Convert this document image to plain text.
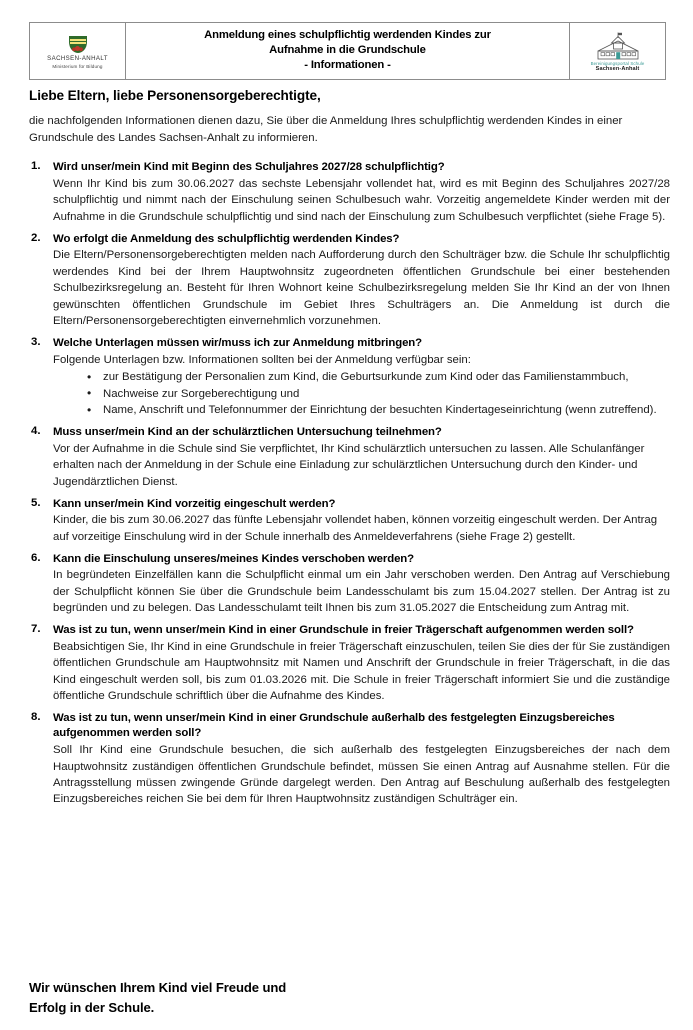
SACHSEN-ANHALT
Ministerium für Bildung

Anmeldung eines schulpflichtig werdenden Kindes zur
Aufnahme in die Grundschule
- Informationen -	Bereinigungsportal Schule
Sachsen-Anhalt

Liebe Eltern, liebe Personensorgeberechtigte,

die nachfolgenden Informationen dienen dazu, Sie über die Anmeldung Ihres schulpflichtig werdenden Kindes in einer Grundschule des Landes Sachsen-Anhalt zu informieren.

1.	Wird unser/mein Kind mit Beginn des Schuljahres 2027/28 schulpflichtig?

Wenn Ihr Kind bis zum 30.06.2027 das sechste Lebensjahr vollendet hat, wird es mit Beginn des Schuljahres 2027/28 schulpflichtig und nimmt nach der Einschulung seinen Schulbesuch wahr. Vorzeitig angemeldete Kinder werden mit der Aufnahme in die Grundschule schulpflichtig und sind nach der Einschulung zum Schulbesuch verpflichtet (siehe Frage 5).

2.	Wo erfolgt die Anmeldung des schulpflichtig werdenden Kindes?

Die Eltern/Personensorgeberechtigten melden nach Aufforderung durch den Schulträger bzw. die Schule Ihr schulpflichtig werdendes Kind bei der Ihrem Hauptwohnsitz zugeordneten öffentlichen Grundschule bei einer bestehenden Schulbezirksregelung an. Besteht für Ihren Wohnort keine Schulbezirksregelung melden Sie Ihr Kind an der von Ihnen gewünschten öffentlichen Grundschule im Gebiet Ihres Schulträgers an. Die Anmeldung ist durch die Eltern/Personensorgeberechtigten einvernehmlich vorzunehmen.

3.	Welche Unterlagen müssen wir/muss ich zur Anmeldung mitbringen?

Folgende Unterlagen bzw. Informationen sollten bei der Anmeldung verfügbar sein:

• zur Bestätigung der Personalien zum Kind, die Geburtsurkunde zum Kind oder das Familienstammbuch,
• Nachweise zur Sorgeberechtigung und
• Name, Anschrift und Telefonnummer der Einrichtung der besuchten Kindertageseinrichtung (wenn zutreffend).
4.	Muss unser/mein Kind an der schulärztlichen Untersuchung teilnehmen?

Vor der Aufnahme in die Schule sind Sie verpflichtet, Ihr Kind schulärztlich untersuchen zu lassen. Alle Schulanfänger erhalten nach der Anmeldung in der Schule eine Einladung zur schulärztlichen Untersuchung durch den Kinder- und Jugendärztlichen Dienst.

5.	Kann unser/mein Kind vorzeitig eingeschult werden?

Kinder, die bis zum 30.06.2027 das fünfte Lebensjahr vollendet haben, können vorzeitig eingeschult werden. Der Antrag auf vorzeitige Einschulung wird in der Schule innerhalb des Anmeldeverfahrens (siehe Frage 2) gestellt.

6.	Kann die Einschulung unseres/meines Kindes verschoben werden?

In begründeten Einzelfällen kann die Schulpflicht einmal um ein Jahr verschoben werden. Den Antrag auf Verschiebung der Schulpflicht können Sie über die Grundschule beim Landesschulamt bis zum 15.04.2027 stellen. Der Antrag ist zu begründen und zu belegen. Das Landesschulamt teilt Ihnen bis zum 31.05.2027 die Entscheidung zum Antrag mit.

7.	Was ist zu tun, wenn unser/mein Kind in einer Grundschule in freier Trägerschaft aufgenommen werden soll?

Beabsichtigen Sie, Ihr Kind in eine Grundschule in freier Trägerschaft einzuschulen, teilen Sie dies der für Sie zuständigen öffentlichen Grundschule am Hauptwohnsitz mit Namen und Anschrift der Grundschule in freier Trägerschaft, in die das Kind eingeschult werden soll, bis zum 01.03.2026 mit. Die Schule in freier Trägerschaft informiert Sie und die zuständige öffentliche Grundschule schriftlich über die Aufnahme des Kindes.

8.	Was ist zu tun, wenn unser/mein Kind in einer Grundschule außerhalb des festgelegten Einzugsbereiches aufgenommen werden soll?

Soll Ihr Kind eine Grundschule besuchen, die sich außerhalb des festgelegten Einzugsbereiches der nach dem Hauptwohnsitz zuständigen öffentlichen Grundschule befindet, müssen Sie einen Antrag auf Ausnahme stellen. Für die Antragsstellung müssen zwingende Gründe dargelegt werden. Den Antrag auf Beschulung außerhalb des festgelegten Einzugsbereiches reichen Sie bei dem für Ihren Hauptwohnsitz zuständigen Schulträger ein.

Wir wünschen Ihrem Kind viel Freude und
Erfolg in der Schule.
